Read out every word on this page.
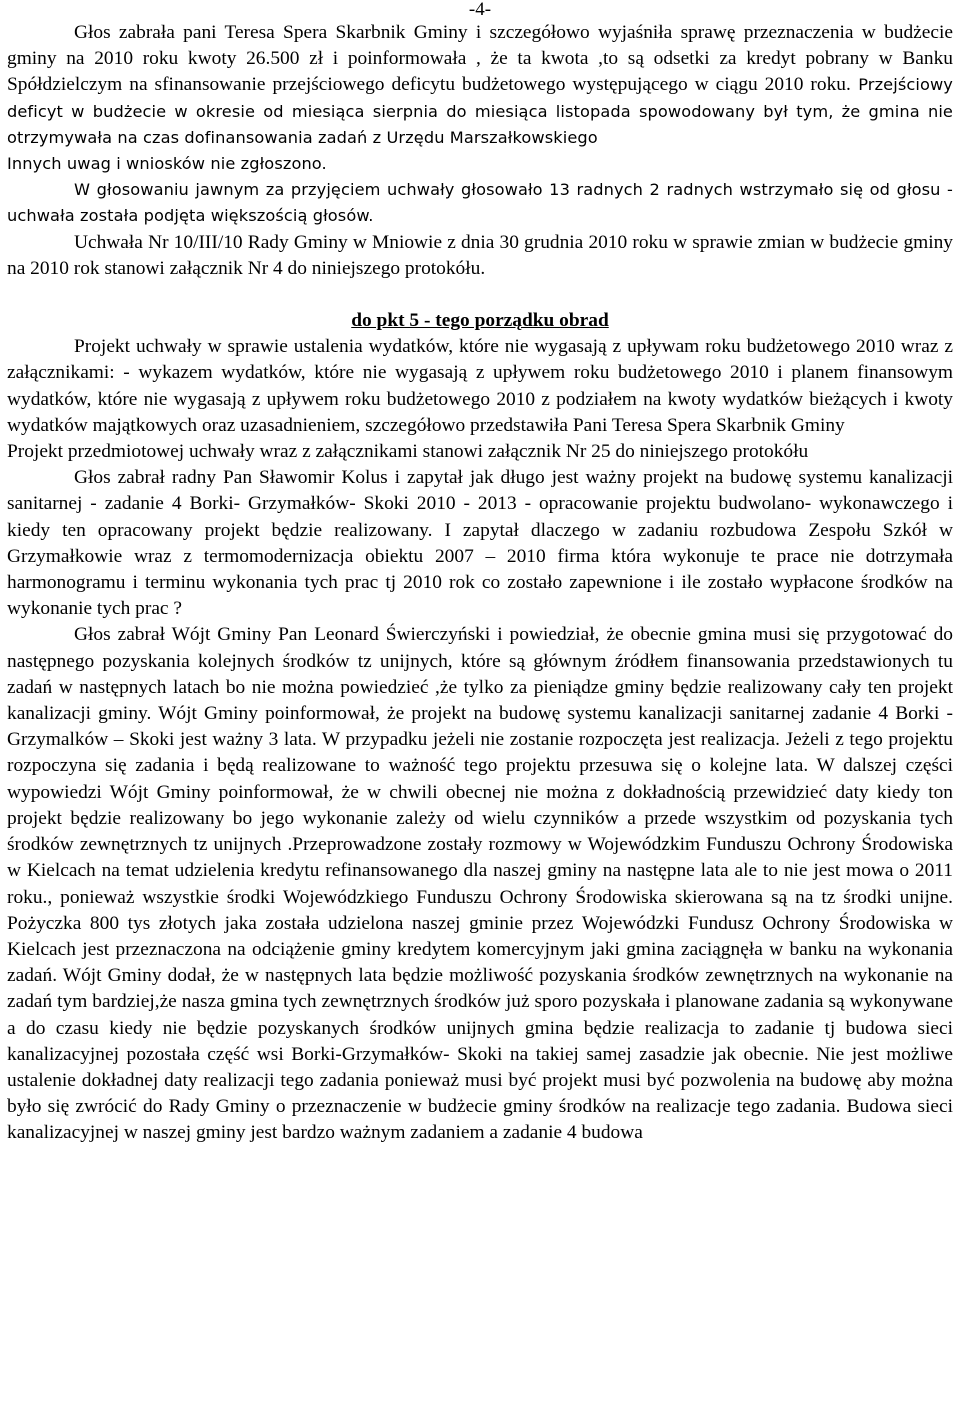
-4-

Głos zabrała pani Teresa Spera Skarbnik Gminy i szczegółowo wyjaśniła sprawę przeznaczenia w budżecie gminy na 2010 roku kwoty 26.500 zł i poinformowała , że ta kwota ,to są odsetki za kredyt pobrany w Banku Spółdzielczym na sfinansowanie przejściowego deficytu budżetowego występującego w ciągu 2010 roku. Przejściowy deficyt w budżecie w okresie od miesiąca sierpnia do miesiąca listopada spowodowany był tym, że gmina nie otrzymywała na czas dofinansowania zadań z Urzędu Marszałkowskiego

Innych uwag i wniosków nie zgłoszono.

W głosowaniu jawnym za przyjęciem uchwały głosowało 13 radnych 2 radnych wstrzymało się od głosu - uchwała została podjęta większością głosów.

Uchwała Nr 10/III/10 Rady Gminy w Mniowie z dnia 30 grudnia 2010 roku w sprawie zmian w budżecie gminy na 2010 rok stanowi załącznik Nr 4 do niniejszego protokółu.

do pkt 5 - tego porządku obrad

Projekt uchwały w sprawie ustalenia wydatków, które nie wygasają z upływam roku budżetowego 2010 wraz z załącznikami: - wykazem wydatków, które nie wygasają z upływem roku budżetowego 2010 i planem finansowym wydatków, które nie wygasają z upływem roku budżetowego 2010 z podziałem na kwoty wydatków bieżących i kwoty wydatków majątkowych oraz uzasadnieniem, szczegółowo przedstawiła Pani Teresa Spera Skarbnik Gminy

Projekt przedmiotowej uchwały wraz z załącznikami stanowi załącznik Nr 25 do niniejszego protokółu

Głos zabrał radny Pan Sławomir Kolus i zapytał jak długo jest ważny projekt na budowę systemu kanalizacji sanitarnej - zadanie 4 Borki- Grzymałków- Skoki 2010 - 2013 - opracowanie projektu budwolano- wykonawczego i kiedy ten opracowany projekt będzie realizowany. I zapytał dlaczego w zadaniu rozbudowa Zespołu Szkół w Grzymałkowie wraz z termomodernizacja obiektu 2007 – 2010 firma która wykonuje te prace nie dotrzymała harmonogramu i terminu wykonania tych prac tj 2010 rok co zostało zapewnione i ile zostało wypłacone środków na wykonanie tych prac ?

Głos zabrał Wójt Gminy Pan Leonard Świerczyński i powiedział, że obecnie gmina musi się przygotować do następnego pozyskania kolejnych środków tz unijnych, które są głównym źródłem finansowania przedstawionych tu zadań w następnych latach bo nie można powiedzieć ,że tylko za pieniądze gminy będzie realizowany cały ten projekt kanalizacji gminy. Wójt Gminy poinformował, że projekt na budowę systemu kanalizacji sanitarnej zadanie 4 Borki -Grzymalków – Skoki jest ważny 3 lata. W przypadku jeżeli nie zostanie rozpoczęta jest realizacja. Jeżeli z tego projektu rozpoczyna się zadania i będą realizowane to ważność tego projektu przesuwa się o kolejne lata. W dalszej części wypowiedzi Wójt Gminy poinformował, że w chwili obecnej nie można z dokładnością przewidzieć daty kiedy ton projekt będzie realizowany bo jego wykonanie zależy od wielu czynników a przede wszystkim od pozyskania tych środków zewnętrznych tz unijnych .Przeprowadzone zostały rozmowy w Wojewódzkim Funduszu Ochrony Środowiska w Kielcach na temat udzielenia kredytu refinansowanego dla naszej gminy na następne lata ale to nie jest mowa o 2011 roku., ponieważ wszystkie środki Wojewódzkiego Funduszu Ochrony Środowiska skierowana są na tz środki unijne. Pożyczka 800 tys złotych jaka została udzielona naszej gminie przez Wojewódzki Fundusz Ochrony Środowiska w Kielcach jest przeznaczona na odciążenie gminy kredytem komercyjnym jaki gmina zaciągnęła w banku na wykonania zadań. Wójt Gminy dodał, że w następnych lata będzie możliwość pozyskania środków zewnętrznych na wykonanie na zadań tym bardziej,że nasza gmina tych zewnętrznych środków już sporo pozyskała i planowane zadania są wykonywane a do czasu kiedy nie będzie pozyskanych środków unijnych gmina będzie realizacja to zadanie tj budowa sieci kanalizacyjnej pozostała część wsi Borki-Grzymałków- Skoki na takiej samej zasadzie jak obecnie. Nie jest możliwe ustalenie dokładnej daty realizacji tego zadania ponieważ musi być projekt musi być pozwolenia na budowę aby można było się zwrócić do Rady Gminy o przeznaczenie w budżecie gminy środków na realizacje tego zadania. Budowa sieci kanalizacyjnej w naszej gminy jest bardzo ważnym zadaniem a zadanie 4 budowa
